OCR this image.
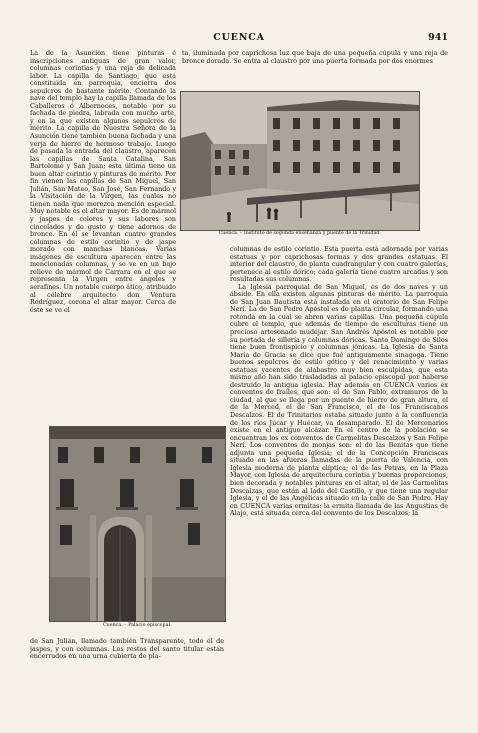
CUENCA	941

La de la Asunción tiene pinturas é inscripciones antiguas de gran valor, columnas corintias y una reja de delicada labor. La capilla de Santiago, que está constituida en parroquia, encierra dos sepulcros de bastante mérito. Contando la nave del templo hay la capilla llamada de los Caballeros ó Albornoces, notable por su fachada de piedra, labrada con mucho arte, y en la que existen algunos sepulcros de mérito. La capilla de Nuestra Señora de la Asunción tiene también buena fachada y una verja de hierro de hermoso trabajo. Luego de pasada la entrada del claustro, aparecen las capillas de Santa Catalina, San Bartolomé y San Juan; esta última tiene un buen altar corintio y pinturas de mérito. Por fin vienen las capillas de San Miguel, San Julián, San Mateo, San José, San Fernando y la Visitación de la Virgen, las cuales no tienen nada que merezca mención especial. Muy notable es el altar mayor. Es de mármol y jaspes de colores y sus labores son cincelados y de gusto y tiene adornos de bronce. En él se levantan cuatro grandes columnas de estilo corintio y de jaspe morado con manchas blancas. Varias imágenes de escultura aparecen entre las mencionadas columnas, y se ve en un bajo relieve de mármol de Carrara en el que se representa la Virgen entre ángeles y serafines. Un notable cuerpo ático, atribuido al célebre arquitecto don Ventura Rodríguez, corona el altar mayor. Cerca de éste se ve el

ta, iluminada por caprichosa luz que baja de una pequeña cúpula y una reja de bronce dorada. Se entra al claustro por una puerta formada por dos enormes

Cuenca. – Instituto de segunda enseñanza y puente de la Trinidad

columnas de estilo corintio. Esta puerta está adornada por varias estatuas y por caprichosas formas y dos grandes estatuas. El interior del claustro, de planta cuadrangular y con cuatro galerías, pertenece al estilo dórico; cada galería tiene cuatro arcadas y son resultadas sus columnas.

La Iglesia parroquial de San Miguel, es de dos naves y un ábside. En ella existen algunas pinturas de mérito. La parroquia de San Juan Bautista está instalada en el oratorio de San Felipe Neri. La de San Pedro Apóstol es de planta circular, formando una rotonda en la cual se abren varias capillas. Una pequeña cúpula cubre el templo, que además de tiempo de esculturas tiene un precioso artesonado mudéjar. San Andrés Apóstol es notable por su portada de sillería y columnas dóricas. Santo Domingo de Silos tiene buen frontispicio y columnas jónicas. La Iglesia de Santa María de Gracia se dice que fué antiguamente sinagoga. Tiene buenos sepulcros de estilo gótico y del renacimiento y varias estatuas yacentes de alabastro muy bien esculpidas, que esta mismo año han sido trasladadas al palacio episcopal por haberse destruido la antigua iglesia. Hay además en CUENCA varios ex conventos de frailes, que son: el de San Pablo, extramuros de la ciudad, al que se llega por un puente de hierro de gran altura, el de la Merced, el de San Francisco, el de los Franciscanos Descalzos. El de Trinitarios estaba situado junto á la confluencia de los ríos Júcar y Huécar, va desamparado. El de Mercenarios existe en el antiguo alcázar. En el centro de la población se encuentran los ex conventos de Carmelitas Descalzos y San Felipe Neri. Los conventos de monjas son: el de las Benitas que tiene adjunta una pequeña Iglesia; el de la Concepción Franciscas situado en las afueras llamadas de la puerta de Valencia, con Iglesia moderna de planta elíptica; el de las Petras, en la Plaza Mayor, con Iglesia de arquitectura corintia y buenas proporciones, bien decorada y notables pinturas en el altar, el de las Carmelitas Descalzas, que están al lado del Castillo, y que tiene una regular Iglesia, y el de las Angélicas situado en la calle de San Pedro. Hay en CUENCA varias ermitas: la ermita llamada de las Angustias de Alajo, está situada cerca del convento de los Descalzos; la

Cuenca. – Palacio episcopal

de San Julián, llamado también Transparente, todo él de jaspes, y con columnas. Los restos del santo titular están encerrados en una urna cubierta de pla-
